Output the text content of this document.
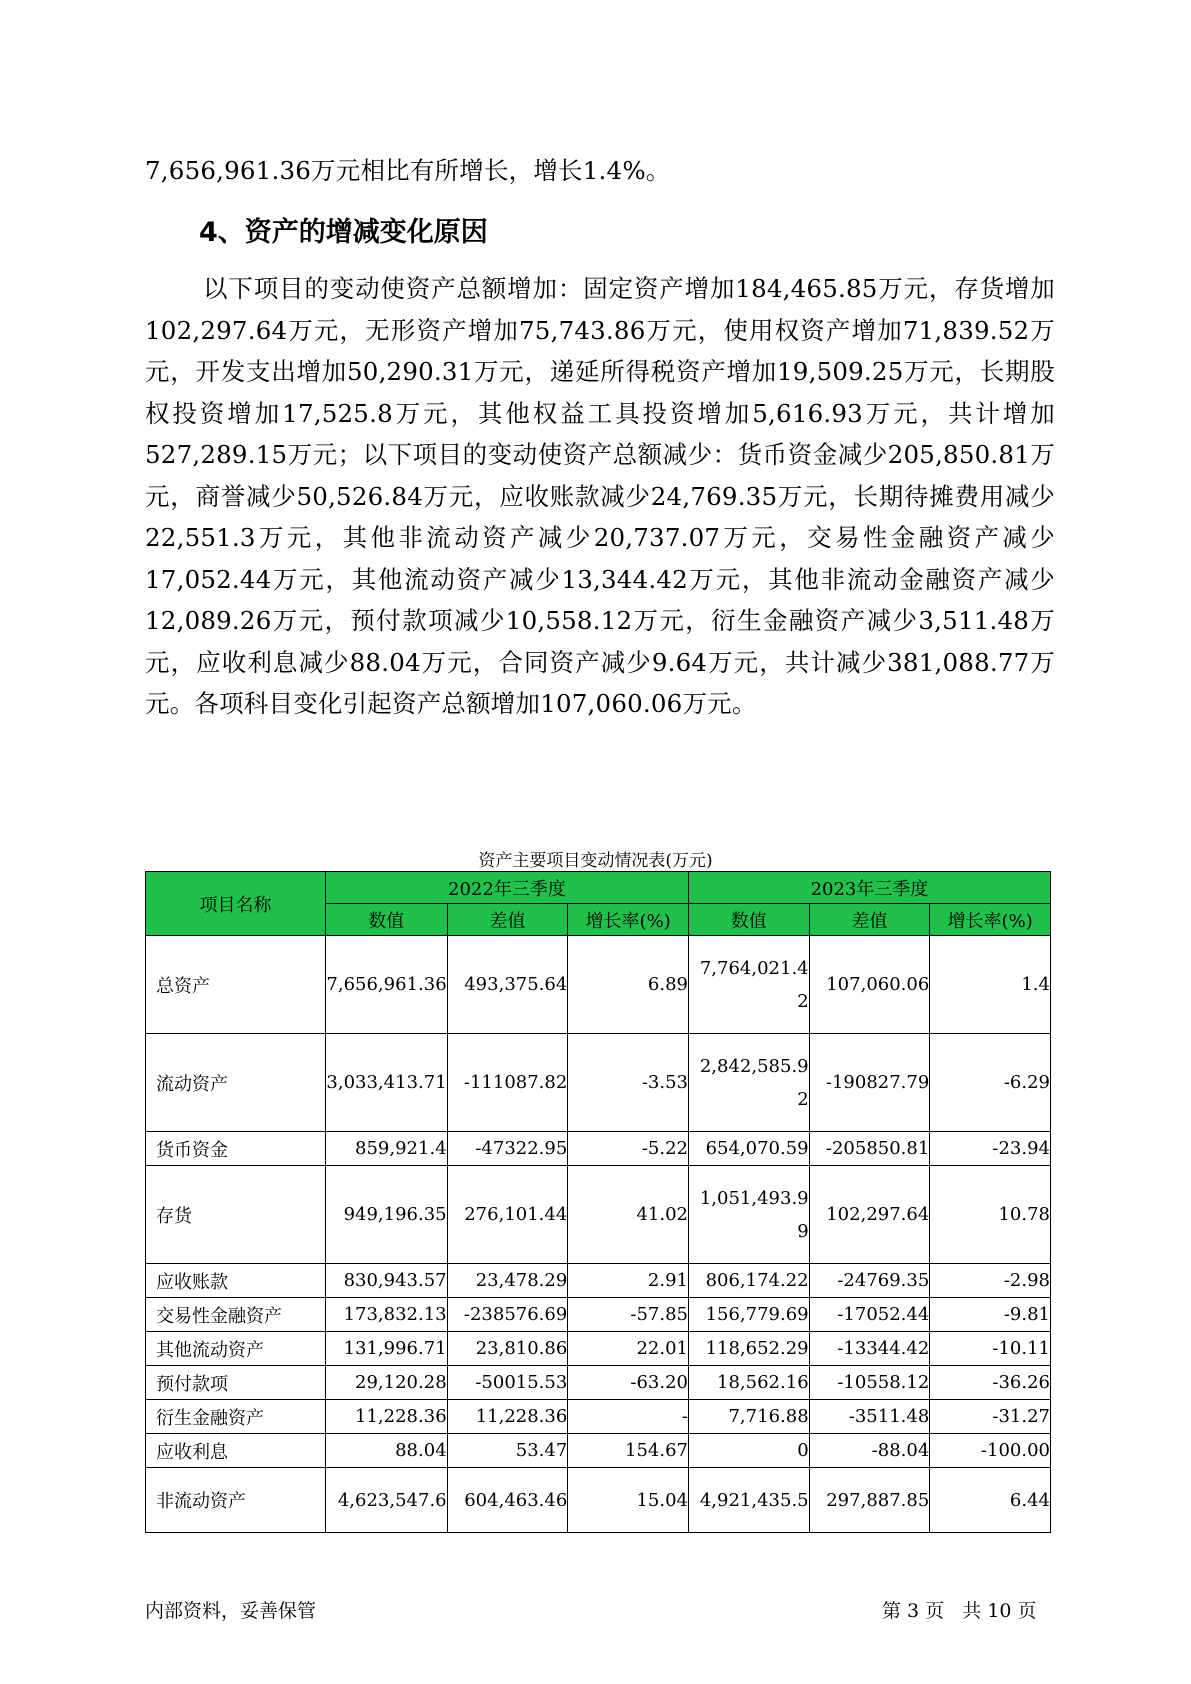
7,656,961.36万元相比有所增长，增长1.4%。
4、资产的增减变化原因
以下项目的变动使资产总额增加：固定资产增加184,465.85万元，存货增加102,297.64万元，无形资产增加75,743.86万元，使用权资产增加71,839.52万元，开发支出增加50,290.31万元，递延所得税资产增加19,509.25万元，长期股权投资增加17,525.8万元，其他权益工具投资增加5,616.93万元，共计增加527,289.15万元；以下项目的变动使资产总额减少：货币资金减少205,850.81万元，商誉减少50,526.84万元，应收账款减少24,769.35万元，长期待摊费用减少22,551.3万元，其他非流动资产减少20,737.07万元，交易性金融资产减少17,052.44万元，其他流动资产减少13,344.42万元，其他非流动金融资产减少12,089.26万元，预付款项减少10,558.12万元，衍生金融资产减少3,511.48万元，应收利息减少88.04万元，合同资产减少9.64万元，共计减少381,088.77万元。各项科目变化引起资产总额增加107,060.06万元。
资产主要项目变动情况表(万元)
项目名称	2022年三季度			2023年三季度		
	数值	差值	增长率(%)	数值	差值	增长率(%)
总资产	7,656,961.36	493,375.64	6.89	7,764,021.42	107,060.06	1.4
流动资产	3,033,413.71	-111087.82	-3.53	2,842,585.92	-190827.79	-6.29
货币资金	859,921.4	-47322.95	-5.22	654,070.59	-205850.81	-23.94
存货	949,196.35	276,101.44	41.02	1,051,493.99	102,297.64	10.78
应收账款	830,943.57	23,478.29	2.91	806,174.22	-24769.35	-2.98
交易性金融资产	173,832.13	-238576.69	-57.85	156,779.69	-17052.44	-9.81
其他流动资产	131,996.71	23,810.86	22.01	118,652.29	-13344.42	-10.11
预付款项	29,120.28	-50015.53	-63.20	18,562.16	-10558.12	-36.26
衍生金融资产	11,228.36	11,228.36	-	7,716.88	-3511.48	-31.27
应收利息	88.04	53.47	154.67	0	-88.04	-100.00
非流动资产	4,623,547.6	604,463.46	15.04	4,921,435.5	297,887.85	6.44
内部资料，妥善保管	第 3 页   共 10 页
